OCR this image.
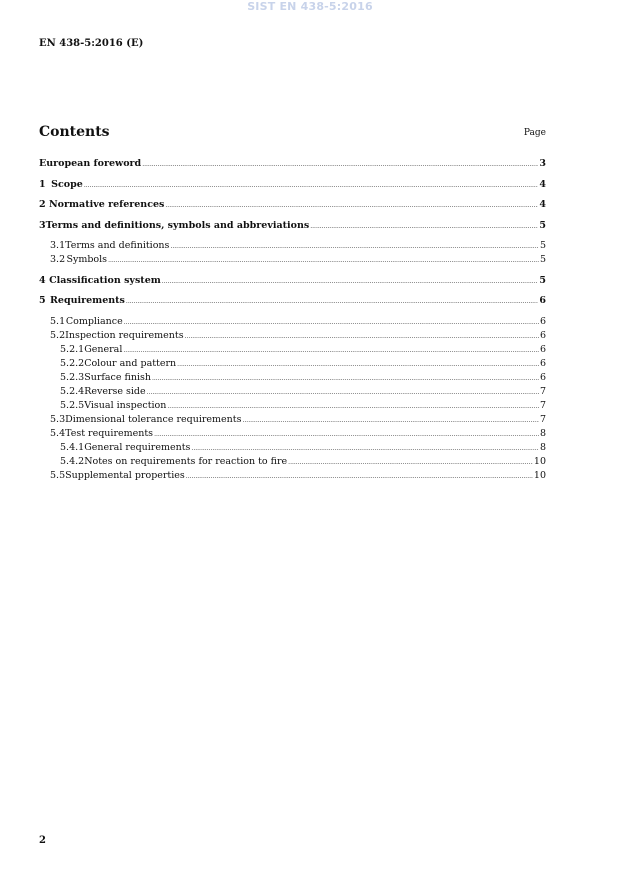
SIST EN 438-5:2016
EN 438-5:2016 (E)
Contents	Page
European foreword .....	3
1 Scope .....	4
2 Normative references .....	4
3 Terms and definitions, symbols and abbreviations .....	5
3.1 Terms and definitions .....	5
3.2 Symbols .....	5
4 Classification system .....	5
5 Requirements .....	6
5.1 Compliance .....	6
5.2 Inspection requirements .....	6
5.2.1 General .....	6
5.2.2 Colour and pattern .....	6
5.2.3 Surface finish .....	6
5.2.4 Reverse side .....	7
5.2.5 Visual inspection .....	7
5.3 Dimensional tolerance requirements .....	7
5.4 Test requirements .....	8
5.4.1 General requirements .....	8
5.4.2 Notes on requirements for reaction to fire .....	10
5.5 Supplemental properties .....	10
2
